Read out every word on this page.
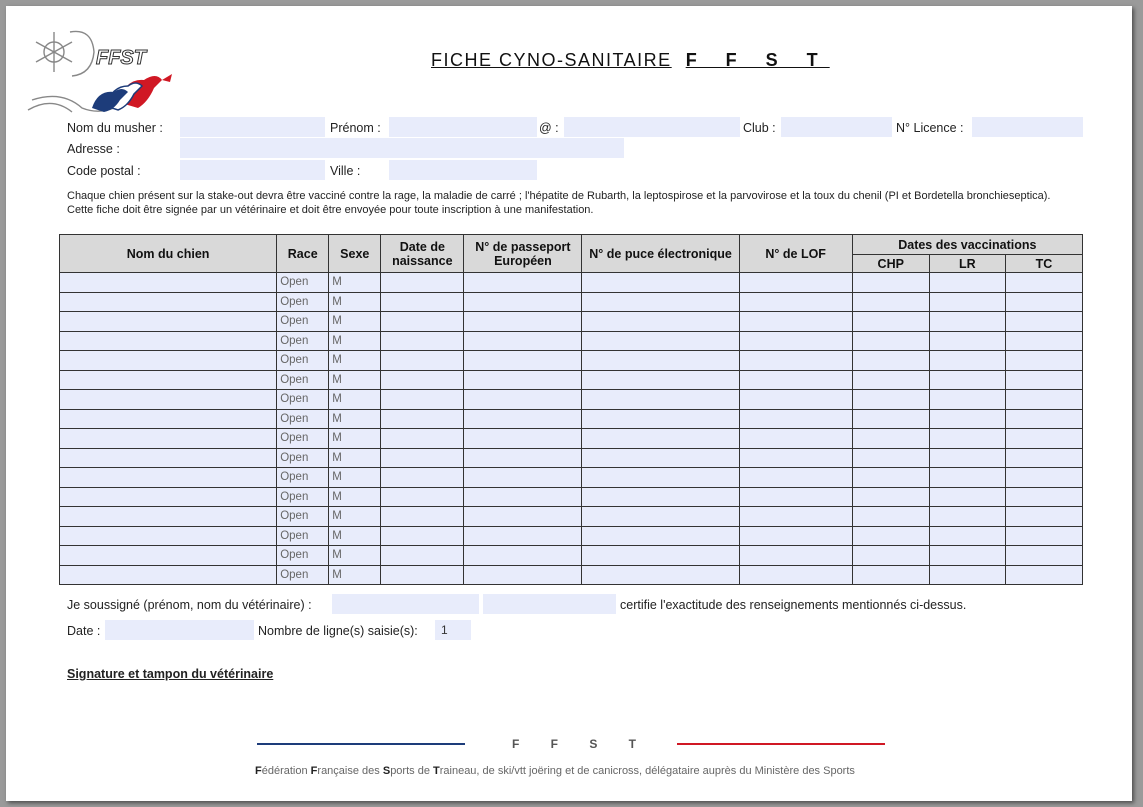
FFST	FICHE CYNO-SANITAIRE F F S T
Nom du musher :	Prénom :	@ :	Club :	N° Licence :
Adresse :
Code postal :	Ville :
Chaque chien présent sur la stake-out devra être vacciné contre la rage, la maladie de carré ; l'hépatite de Rubarth, la leptospirose et la parvovirose et la toux du chenil (PI et Bordetella bronchiesеptica). Cette fiche doit être signée par un vétérinaire et doit être envoyée pour toute inscription à une manifestation.
Nom du chien	Race	Sexe	Date de naissance	N° de passeport Européen	N° de puce électronique	N° de LOF	Dates des vaccinations		
							CHP	LR	TC
	Open	M							
	Open	M							
	Open	M							
	Open	M							
	Open	M							
	Open	M							
	Open	M							
	Open	M							
	Open	M							
	Open	M							
	Open	M							
	Open	M							
	Open	M							
	Open	M							
	Open	M							
	Open	M							
Je soussigné (prénom, nom du vétérinaire) :	certifie l'exactitude des renseignements mentionnés ci-dessus.
Date :	Nombre de ligne(s) saisie(s):	1
Signature et tampon du vétérinaire
F F S T
Fédération Française des Sports de Traineau, de ski/vtt joëring et de canicross, délégataire auprès du Ministère des Sports
